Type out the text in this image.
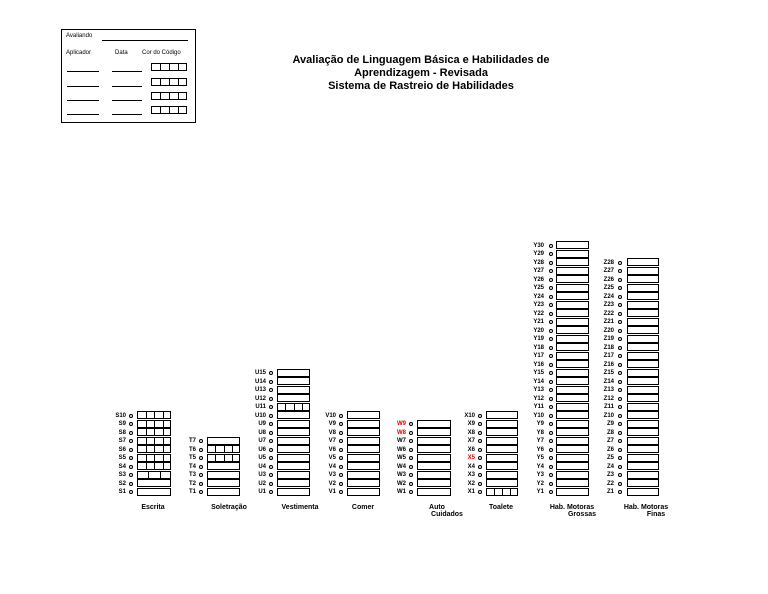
Avaliando
Aplicador	Data Cor do Código
Avaliação de Linguagem Básica e Habilidades de
Aprendizagem - Revisada
Sistema de Rastreio de Habilidades
S1
S2
S3
S4
S5
S6
S7
S8
S9
S10
Escrita
T1
T2
T3
T4
T5
T6
T7
Soletração
U1
U2
U3
U4
U5
U6
U7
U8
U9
U10
U11
U12
U13
U14
U15
Vestimenta
V1
V2
V3
V4
V5
V6
V7
V8
V9
V10
Comer
W1
W2
W3
W4
W5
W6
W7
W8
W9
Auto
Cuidados
X1
X2
X3
X4
X5
X6
X7
X8
X9
X10
Toalete
Y1
Y2
Y3
Y4
Y5
Y6
Y7
Y8
Y9
Y10
Y11
Y12
Y13
Y14
Y15
Y16
Y17
Y18
Y19
Y20
Y21
Y22
Y23
Y24
Y25
Y26
Y27
Y28
Y29
Y30
Hab. Motoras
Grossas
Z1
Z2
Z3
Z4
Z5
Z6
Z7
Z8
Z9
Z10
Z11
Z12
Z13
Z14
Z15
Z16
Z17
Z18
Z19
Z20
Z21
Z22
Z23
Z24
Z25
Z26
Z27
Z28
Hab. Motoras
Finas
